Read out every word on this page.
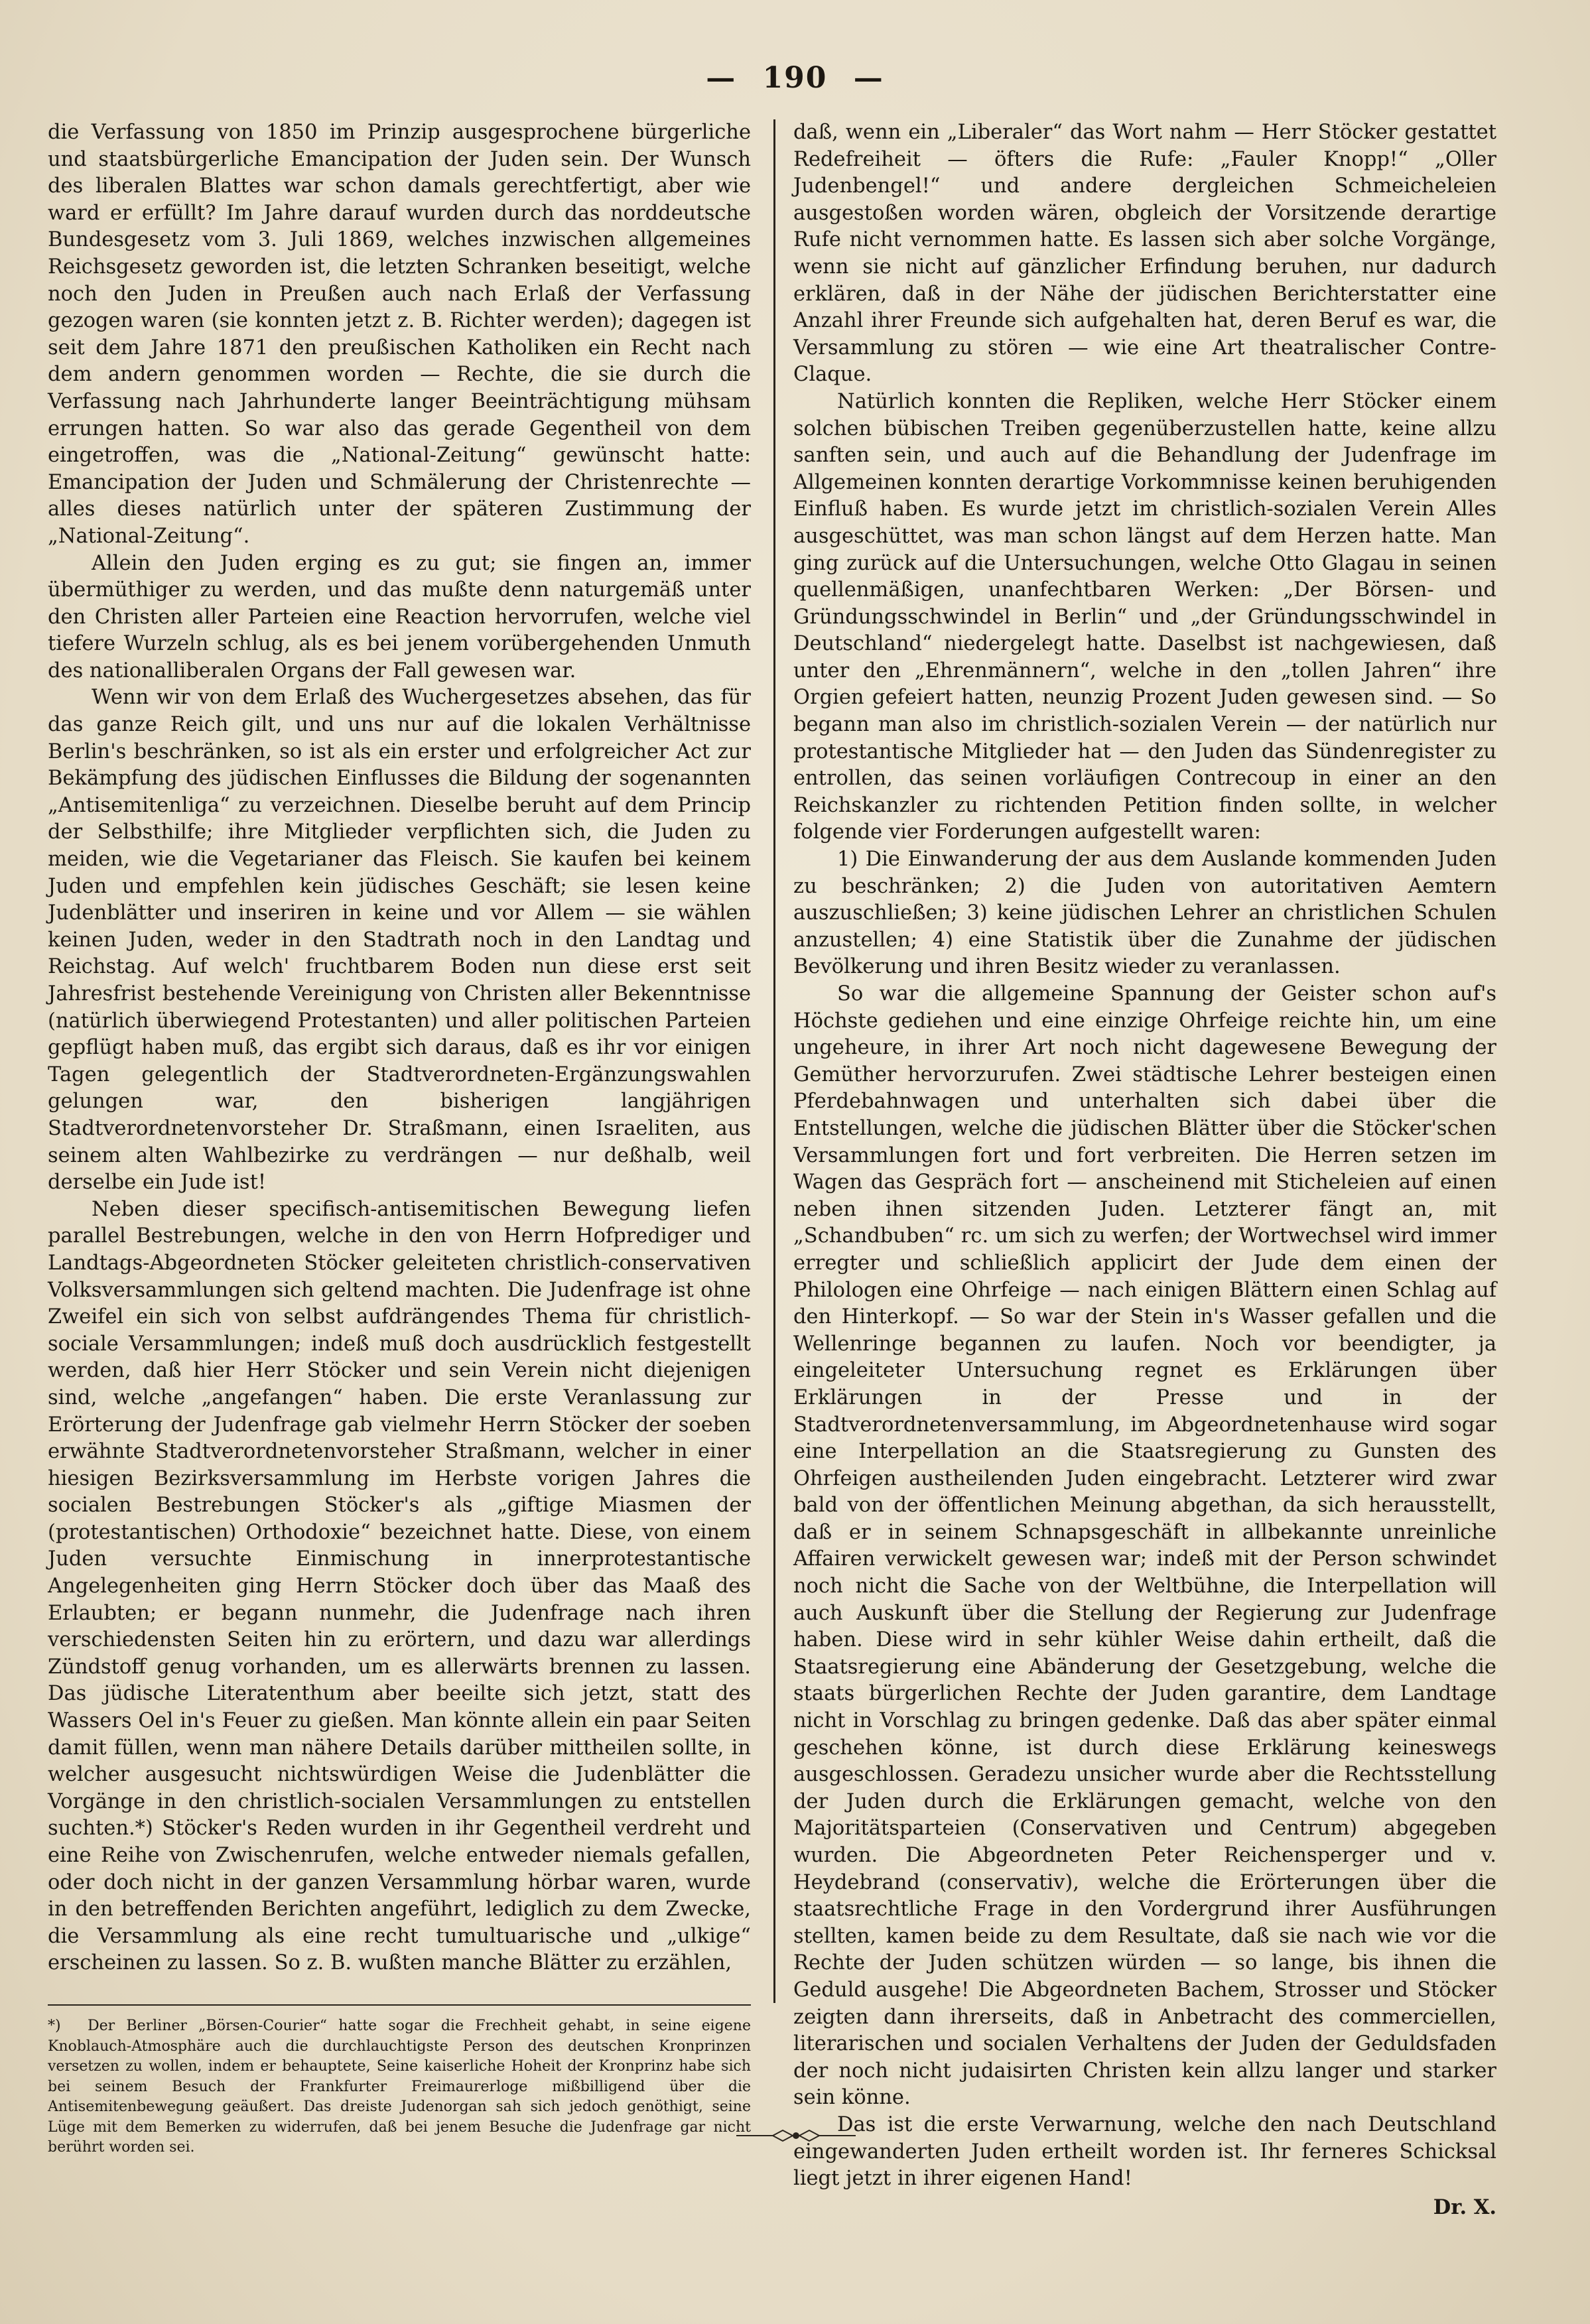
— 190 —

die Verfassung von 1850 im Prinzip ausgesprochene bürgerliche und staatsbürgerliche Emancipation der Juden sein. Der Wunsch des liberalen Blattes war schon damals gerechtfertigt, aber wie ward er erfüllt? Im Jahre darauf wurden durch das norddeutsche Bundesgesetz vom 3. Juli 1869, welches inzwischen allgemeines Reichsgesetz geworden ist, die letzten Schranken beseitigt, welche noch den Juden in Preußen auch nach Erlaß der Verfassung gezogen waren (sie konnten jetzt z. B. Richter werden); dagegen ist seit dem Jahre 1871 den preußischen Katholiken ein Recht nach dem andern genommen worden — Rechte, die sie durch die Verfassung nach Jahrhunderte langer Beeinträchtigung mühsam errungen hatten. So war also das gerade Gegentheil von dem eingetroffen, was die „National-Zeitung“ gewünscht hatte: Emancipation der Juden und Schmälerung der Christenrechte — alles dieses natürlich unter der späteren Zustimmung der „National-Zeitung“.

Allein den Juden erging es zu gut; sie fingen an, immer übermüthiger zu werden, und das mußte denn naturgemäß unter den Christen aller Parteien eine Reaction hervorrufen, welche viel tiefere Wurzeln schlug, als es bei jenem vorübergehenden Unmuth des nationalliberalen Organs der Fall gewesen war.

Wenn wir von dem Erlaß des Wuchergesetzes absehen, das für das ganze Reich gilt, und uns nur auf die lokalen Verhältnisse Berlin's beschränken, so ist als ein erster und erfolgreicher Act zur Bekämpfung des jüdischen Einflusses die Bildung der sogenannten „Antisemitenliga“ zu verzeichnen. Dieselbe beruht auf dem Princip der Selbsthilfe; ihre Mitglieder verpflichten sich, die Juden zu meiden, wie die Vegetarianer das Fleisch. Sie kaufen bei keinem Juden und empfehlen kein jüdisches Geschäft; sie lesen keine Judenblätter und inseriren in keine und vor Allem — sie wählen keinen Juden, weder in den Stadtrath noch in den Landtag und Reichstag. Auf welch' fruchtbarem Boden nun diese erst seit Jahresfrist bestehende Vereinigung von Christen aller Bekenntnisse (natürlich überwiegend Protestanten) und aller politischen Parteien gepflügt haben muß, das ergibt sich daraus, daß es ihr vor einigen Tagen gelegentlich der Stadtverordneten-Ergänzungswahlen gelungen war, den bisherigen langjährigen Stadtverordnetenvorsteher Dr. Straßmann, einen Israeliten, aus seinem alten Wahlbezirke zu verdrängen — nur deßhalb, weil derselbe ein Jude ist!

Neben dieser specifisch-antisemitischen Bewegung liefen parallel Bestrebungen, welche in den von Herrn Hofprediger und Landtags-Abgeordneten Stöcker geleiteten christlich-conservativen Volksversammlungen sich geltend machten. Die Judenfrage ist ohne Zweifel ein sich von selbst aufdrängendes Thema für christlich-sociale Versammlungen; indeß muß doch ausdrücklich festgestellt werden, daß hier Herr Stöcker und sein Verein nicht diejenigen sind, welche „angefangen“ haben. Die erste Veranlassung zur Erörterung der Judenfrage gab vielmehr Herrn Stöcker der soeben erwähnte Stadtverordnetenvorsteher Straßmann, welcher in einer hiesigen Bezirksversammlung im Herbste vorigen Jahres die socialen Bestrebungen Stöcker's als „giftige Miasmen der (protestantischen) Orthodoxie“ bezeichnet hatte. Diese, von einem Juden versuchte Einmischung in innerprotestantische Angelegenheiten ging Herrn Stöcker doch über das Maaß des Erlaubten; er begann nunmehr, die Judenfrage nach ihren verschiedensten Seiten hin zu erörtern, und dazu war allerdings Zündstoff genug vorhanden, um es allerwärts brennen zu lassen. Das jüdische Literatenthum aber beeilte sich jetzt, statt des Wassers Oel in's Feuer zu gießen. Man könnte allein ein paar Seiten damit füllen, wenn man nähere Details darüber mittheilen sollte, in welcher ausgesucht nichtswürdigen Weise die Judenblätter die Vorgänge in den christlich-socialen Versammlungen zu entstellen suchten.*) Stöcker's Reden wurden in ihr Gegentheil verdreht und eine Reihe von Zwischenrufen, welche entweder niemals gefallen, oder doch nicht in der ganzen Versammlung hörbar waren, wurde in den betreffenden Berichten angeführt, lediglich zu dem Zwecke, die Versammlung als eine recht tumultuarische und „ulkige“ erscheinen zu lassen. So z. B. wußten manche Blätter zu erzählen,

daß, wenn ein „Liberaler“ das Wort nahm — Herr Stöcker gestattet Redefreiheit — öfters die Rufe: „Fauler Knopp!“ „Oller Judenbengel!“ und andere dergleichen Schmeicheleien ausgestoßen worden wären, obgleich der Vorsitzende derartige Rufe nicht vernommen hatte. Es lassen sich aber solche Vorgänge, wenn sie nicht auf gänzlicher Erfindung beruhen, nur dadurch erklären, daß in der Nähe der jüdischen Berichterstatter eine Anzahl ihrer Freunde sich aufgehalten hat, deren Beruf es war, die Versammlung zu stören — wie eine Art theatralischer Contre-Claque.

Natürlich konnten die Repliken, welche Herr Stöcker einem solchen bübischen Treiben gegenüberzustellen hatte, keine allzu sanften sein, und auch auf die Behandlung der Judenfrage im Allgemeinen konnten derartige Vorkommnisse keinen beruhigenden Einfluß haben. Es wurde jetzt im christlich-sozialen Verein Alles ausgeschüttet, was man schon längst auf dem Herzen hatte. Man ging zurück auf die Untersuchungen, welche Otto Glagau in seinen quellenmäßigen, unanfechtbaren Werken: „Der Börsen- und Gründungsschwindel in Berlin“ und „der Gründungsschwindel in Deutschland“ niedergelegt hatte. Daselbst ist nachgewiesen, daß unter den „Ehrenmännern“, welche in den „tollen Jahren“ ihre Orgien gefeiert hatten, neunzig Prozent Juden gewesen sind. — So begann man also im christlich-sozialen Verein — der natürlich nur protestantische Mitglieder hat — den Juden das Sündenregister zu entrollen, das seinen vorläufigen Contrecoup in einer an den Reichskanzler zu richtenden Petition finden sollte, in welcher folgende vier Forderungen aufgestellt waren:

1) Die Einwanderung der aus dem Auslande kommenden Juden zu beschränken; 2) die Juden von autoritativen Aemtern auszuschließen; 3) keine jüdischen Lehrer an christlichen Schulen anzustellen; 4) eine Statistik über die Zunahme der jüdischen Bevölkerung und ihren Besitz wieder zu veranlassen.

So war die allgemeine Spannung der Geister schon auf's Höchste gediehen und eine einzige Ohrfeige reichte hin, um eine ungeheure, in ihrer Art noch nicht dagewesene Bewegung der Gemüther hervorzurufen. Zwei städtische Lehrer besteigen einen Pferdebahnwagen und unterhalten sich dabei über die Entstellungen, welche die jüdischen Blätter über die Stöcker'schen Versammlungen fort und fort verbreiten. Die Herren setzen im Wagen das Gespräch fort — anscheinend mit Sticheleien auf einen neben ihnen sitzenden Juden. Letzterer fängt an, mit „Schandbuben“ rc. um sich zu werfen; der Wortwechsel wird immer erregter und schließlich applicirt der Jude dem einen der Philologen eine Ohrfeige — nach einigen Blättern einen Schlag auf den Hinterkopf. — So war der Stein in's Wasser gefallen und die Wellenringe begannen zu laufen. Noch vor beendigter, ja eingeleiteter Untersuchung regnet es Erklärungen über Erklärungen in der Presse und in der Stadtverordnetenversammlung, im Abgeordnetenhause wird sogar eine Interpellation an die Staatsregierung zu Gunsten des Ohrfeigen austheilenden Juden eingebracht. Letzterer wird zwar bald von der öffentlichen Meinung abgethan, da sich herausstellt, daß er in seinem Schnapsgeschäft in allbekannte unreinliche Affairen verwickelt gewesen war; indeß mit der Person schwindet noch nicht die Sache von der Weltbühne, die Interpellation will auch Auskunft über die Stellung der Regierung zur Judenfrage haben. Diese wird in sehr kühler Weise dahin ertheilt, daß die Staatsregierung eine Abänderung der Gesetzgebung, welche die staats bürgerlichen Rechte der Juden garantire, dem Landtage nicht in Vorschlag zu bringen gedenke. Daß das aber später einmal geschehen könne, ist durch diese Erklärung keineswegs ausgeschlossen. Geradezu unsicher wurde aber die Rechtsstellung der Juden durch die Erklärungen gemacht, welche von den Majoritätsparteien (Conservativen und Centrum) abgegeben wurden. Die Abgeordneten Peter Reichensperger und v. Heydebrand (conservativ), welche die Erörterungen über die staatsrechtliche Frage in den Vordergrund ihrer Ausführungen stellten, kamen beide zu dem Resultate, daß sie nach wie vor die Rechte der Juden schützen würden — so lange, bis ihnen die Geduld ausgehe! Die Abgeordneten Bachem, Strosser und Stöcker zeigten dann ihrerseits, daß in Anbetracht des commerciellen, literarischen und socialen Verhaltens der Juden der Geduldsfaden der noch nicht judaisirten Christen kein allzu langer und starker sein könne.

Das ist die erste Verwarnung, welche den nach Deutschland eingewanderten Juden ertheilt worden ist. Ihr ferneres Schicksal liegt jetzt in ihrer eigenen Hand!

Dr. X.
*) Der Berliner „Börsen-Courier“ hatte sogar die Frechheit gehabt, in seine eigene Knoblauch-Atmosphäre auch die durchlauchtigste Person des deutschen Kronprinzen versetzen zu wollen, indem er behauptete, Seine kaiserliche Hoheit der Kronprinz habe sich bei seinem Besuch der Frankfurter Freimaurerloge mißbilligend über die Antisemitenbewegung geäußert. Das dreiste Judenorgan sah sich jedoch genöthigt, seine Lüge mit dem Bemerken zu widerrufen, daß bei jenem Besuche die Judenfrage gar nicht berührt worden sei.
